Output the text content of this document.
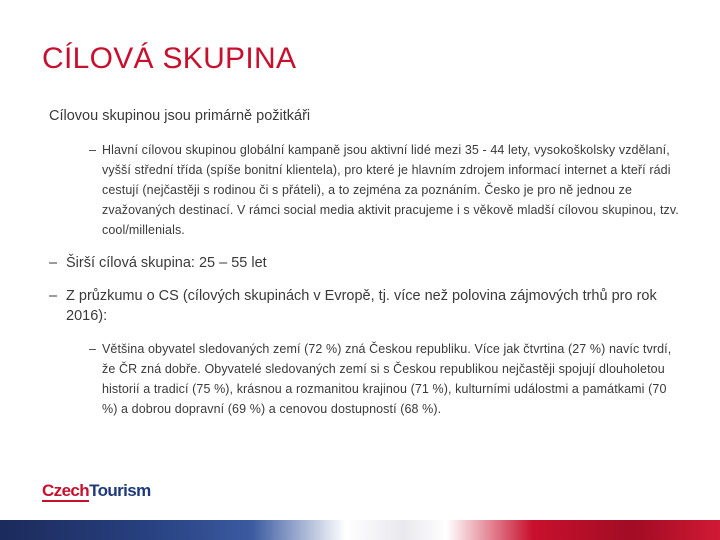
CÍLOVÁ SKUPINA

Cílovou skupinou jsou primárně požitkáři

– Hlavní cílovou skupinou globální kampaně jsou aktivní lidé mezi 35 - 44 lety, vysokoškolsky vzdělaní, vyšší střední třída (spíše bonitní klientela), pro které je hlavním zdrojem informací internet a kteří rádi cestují (nejčastěji s rodinou či s přáteli), a to zejména za poznáním. Česko je pro ně jednou ze zvažovaných destinací. V rámci social media aktivit pracujeme i s věkově mladší cílovou skupinou, tzv. cool/millenials.
– Širší cílová skupina: 25 – 55 let
– Z průzkumu o CS (cílových skupinách v Evropě, tj. více než polovina zájmových trhů pro rok 2016):
– Většina obyvatel sledovaných zemí (72 %) zná Českou republiku. Více jak čtvrtina (27 %) navíc tvrdí, že ČR zná dobře. Obyvatelé sledovaných zemí si s Českou republikou nejčastěji spojují dlouholetou historií a tradicí (75 %), krásnou a rozmanitou krajinou (71 %), kulturními událostmi a památkami (70 %) a dobrou dopravní (69 %) a cenovou dostupností (68 %).
CzechTourism
